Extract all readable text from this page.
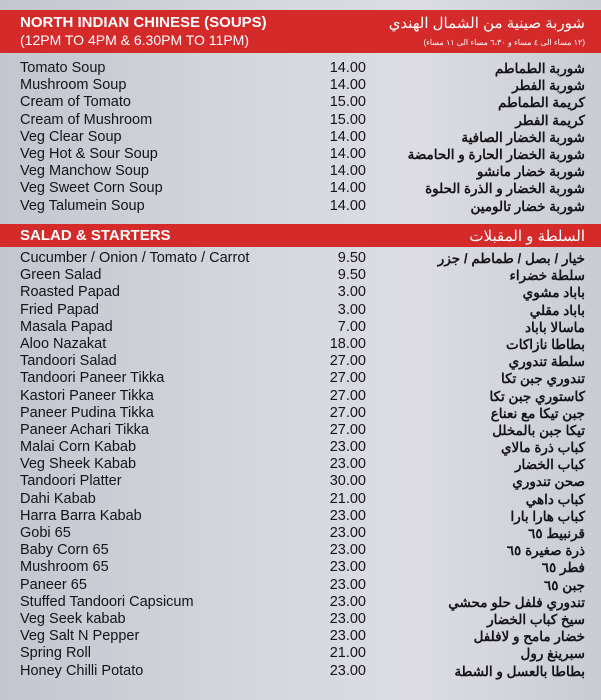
NORTH INDIAN CHINESE (SOUPS)
(12PM TO 4PM & 6.30PM TO 11PM)
شوربة صينية من الشمال الهندي
(١٢ مساء الى ٤ مساء و ٦،٣٠ مساء الى ١١ مساء)
Tomato Soup	14.00	شوربة الطماطم
Mushroom Soup	14.00	شوربة الفطر
Cream of Tomato	15.00	كريمة الطماطم
Cream of Mushroom	15.00	كريمة الفطر
Veg Clear Soup	14.00	شوربة الخضار الصافية
Veg Hot & Sour Soup	14.00	شوربة الخضار الحارة و الحامضة
Veg Manchow Soup	14.00	شوربة خضار مانشو
Veg Sweet Corn Soup	14.00	شوربة الخضار و الذرة الحلوة
Veg Talumein Soup	14.00	شوربة خضار تالومين
SALAD & STARTERS	السلطة و المقبلات
Cucumber / Onion / Tomato / Carrot	9.50	خيار / بصل / طماطم / جزر
Green Salad	9.50	سلطة خضراء
Roasted Papad	3.00	باباد مشوي
Fried Papad	3.00	باباد مقلي
Masala Papad	7.00	ماسالا باباد
Aloo Nazakat	18.00	بطاطا نازاكات
Tandoori Salad	27.00	سلطة تندوري
Tandoori Paneer Tikka	27.00	تندوري جبن تكا
Kastori Paneer Tikka	27.00	كاستوري جبن تكا
Paneer Pudina Tikka	27.00	جبن تيكا مع نعناع
Paneer Achari Tikka	27.00	تيكا جبن بالمخلل
Malai Corn Kabab	23.00	كباب ذرة مالاي
Veg Sheek Kabab	23.00	كباب الخضار
Tandoori Platter	30.00	صحن تندوري
Dahi Kabab	21.00	كباب داهي
Harra Barra Kabab	23.00	كباب هارا بارا
Gobi 65	23.00	قرنبيط ٦٥
Baby Corn 65	23.00	ذرة صغيرة ٦٥
Mushroom 65	23.00	فطر ٦٥
Paneer 65	23.00	جبن ٦٥
Stuffed Tandoori Capsicum	23.00	تندوري فلفل حلو محشي
Veg Seek kabab	23.00	سيخ كباب الخضار
Veg Salt N Pepper	23.00	خضار مامح و لافلفل
Spring Roll	21.00	سبرينغ رول
Honey Chilli Potato	23.00	بطاطا بالعسل و الشطة
